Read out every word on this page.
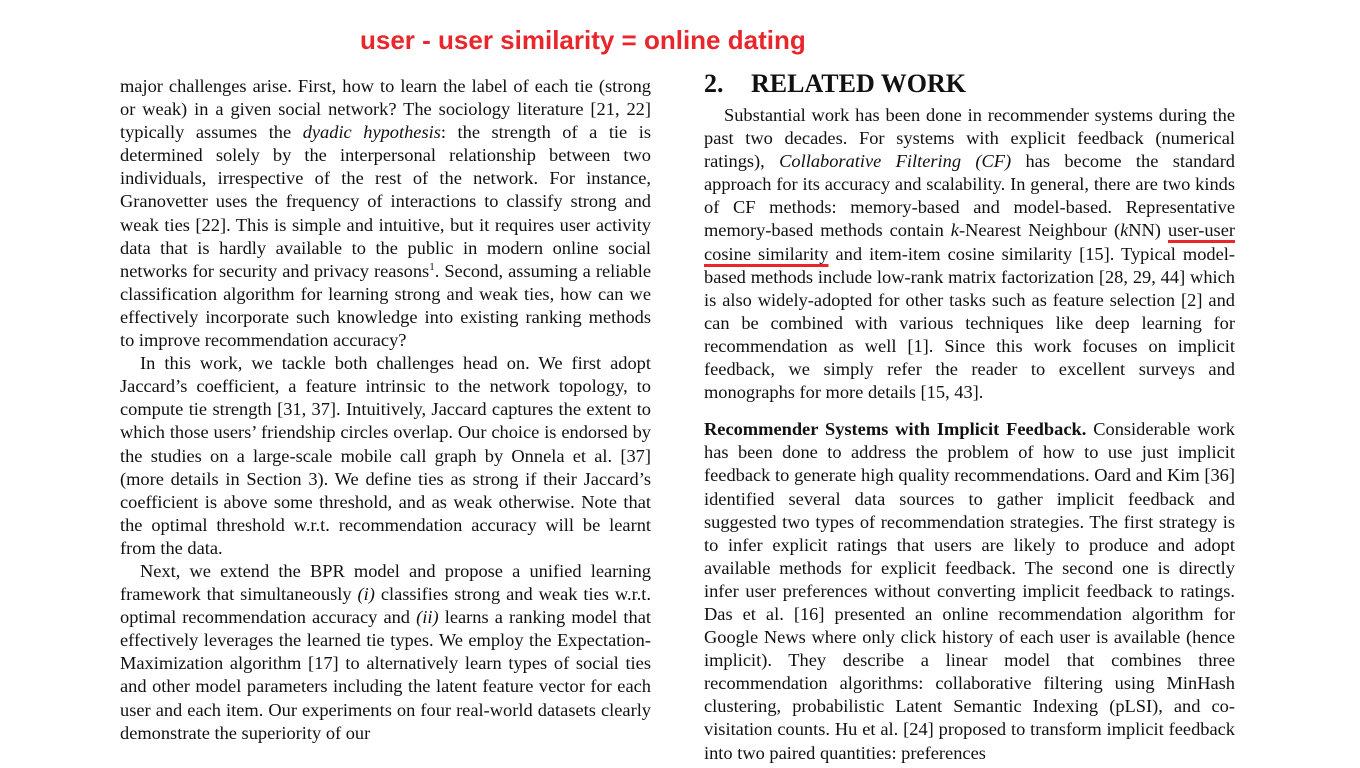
user - user similarity = online dating

major challenges arise. First, how to learn the label of each tie (strong or weak) in a given social network? The sociology literature [21, 22] typically assumes the dyadic hypothesis: the strength of a tie is determined solely by the interpersonal relationship between two individuals, irrespective of the rest of the network. For instance, Granovetter uses the frequency of interactions to classify strong and weak ties [22]. This is simple and intuitive, but it requires user activity data that is hardly available to the public in modern online social networks for security and privacy reasons$^1$. Second, assuming a reliable classification algorithm for learning strong and weak ties, how can we effectively incorporate such knowledge into existing ranking methods to improve recommendation accuracy?

In this work, we tackle both challenges head on. We first adopt Jaccard’s coefficient, a feature intrinsic to the network topology, to compute tie strength [31, 37]. Intuitively, Jaccard captures the extent to which those users’ friendship circles overlap. Our choice is endorsed by the studies on a large-scale mobile call graph by Onnela et al. [37] (more details in Section 3). We define ties as strong if their Jaccard’s coefficient is above some threshold, and as weak otherwise. Note that the optimal threshold w.r.t. recommendation accuracy will be learnt from the data.

Next, we extend the BPR model and propose a unified learning framework that simultaneously (i) classifies strong and weak ties w.r.t. optimal recommendation accuracy and (ii) learns a ranking model that effectively leverages the learned tie types. We employ the Expectation-Maximization algorithm [17] to alternatively learn types of social ties and other model parameters including the latent feature vector for each user and each item. Our experiments on four real-world datasets clearly demonstrate the superiority of our

2. RELATED WORK

Substantial work has been done in recommender systems during the past two decades. For systems with explicit feedback (numerical ratings), Collaborative Filtering (CF) has become the standard approach for its accuracy and scalability. In general, there are two kinds of CF methods: memory-based and model-based. Representative memory-based methods contain k-Nearest Neighbour (kNN) user-user cosine similarity and item-item cosine similarity [15]. Typical model-based methods include low-rank matrix factorization [28, 29, 44] which is also widely-adopted for other tasks such as feature selection [2] and can be combined with various techniques like deep learning for recommendation as well [1]. Since this work focuses on implicit feedback, we simply refer the reader to excellent surveys and monographs for more details [15, 43].

Recommender Systems with Implicit Feedback. Considerable work has been done to address the problem of how to use just implicit feedback to generate high quality recommendations. Oard and Kim [36] identified several data sources to gather implicit feedback and suggested two types of recommendation strategies. The first strategy is to infer explicit ratings that users are likely to produce and adopt available methods for explicit feedback. The second one is directly infer user preferences without converting implicit feedback to ratings. Das et al. [16] presented an online recommendation algorithm for Google News where only click history of each user is available (hence implicit). They describe a linear model that combines three recommendation algorithms: collaborative filtering using MinHash clustering, probabilistic Latent Semantic Indexing (pLSI), and co-visitation counts. Hu et al. [24] proposed to transform implicit feedback into two paired quantities: preferences
